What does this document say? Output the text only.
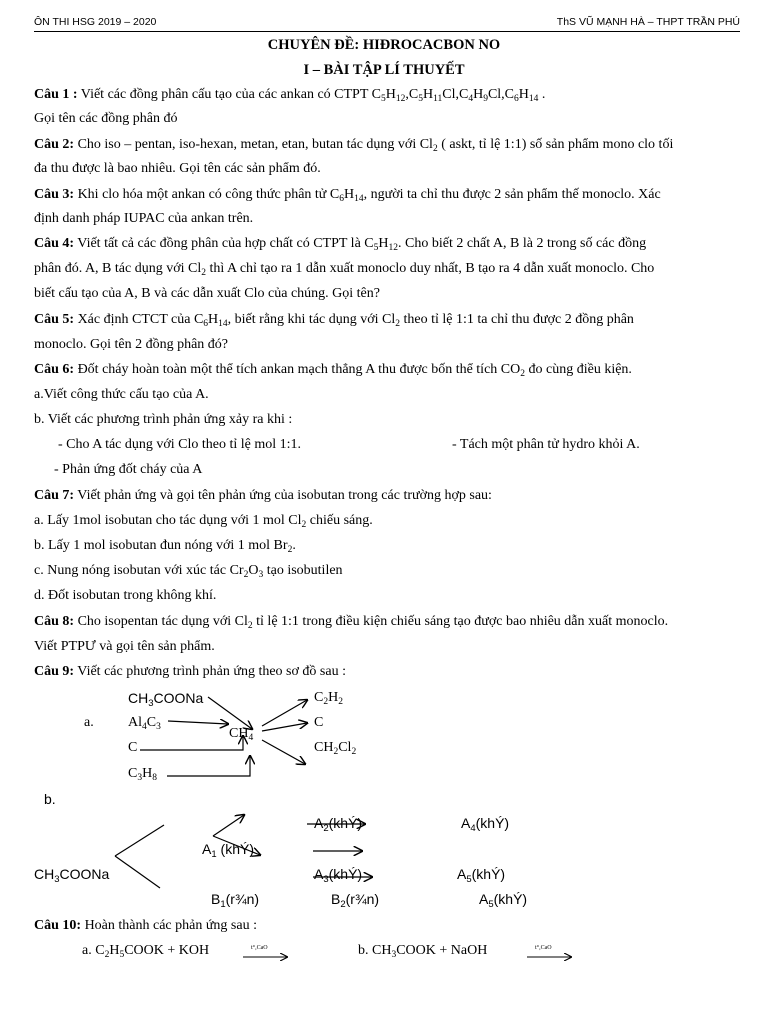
ÔN THI HSG 2019 – 2020	ThS VŨ MẠNH HÀ – THPT TRẦN PHÚ
CHUYÊN ĐỀ: HIĐROCACBON NO
I – BÀI TẬP LÍ THUYẾT
Câu 1 : Viết các đồng phân cấu tạo của các ankan có CTPT $C_5H_{12},C_5H_{11}Cl,C_4H_9Cl,C_6H_{14}$ .
Gọi tên các đồng phân đó
Câu 2: Cho iso – pentan, iso-hexan, metan, etan, butan tác dụng với $Cl_2$ ( askt, tỉ lệ 1:1) số sản phẩm mono clo tối
đa thu được là bao nhiêu. Gọi tên các sản phẩm đó.
Câu 3: Khi clo hóa một ankan có công thức phân tử $C_6H_{14}$, người ta chỉ thu được 2 sản phẩm thế monoclo. Xác
định danh pháp IUPAC của ankan trên.
Câu 4: Viết tất cả các đồng phân của hợp chất có CTPT là $C_5H_{12}$. Cho biết 2 chất A, B là 2 trong số các đồng
phân đó. A, B tác dụng với $Cl_2$ thì A chỉ tạo ra 1 dẫn xuất monoclo duy nhất, B tạo ra 4 dẫn xuất monoclo. Cho
biết cấu tạo của A, B và các dẫn xuất Clo của chúng. Gọi tên?
Câu 5: Xác định CTCT của $C_6H_{14}$, biết rằng khi tác dụng với $Cl_2$ theo tỉ lệ 1:1 ta chỉ thu được 2 đồng phân
monoclo. Gọi tên 2 đồng phân đó?
Câu 6: Đốt cháy hoàn toàn một thể tích ankan mạch thẳng A thu được bốn thể tích $CO_2$ đo cùng điều kiện.
a.Viết công thức cấu tạo của A.
b. Viết các phương trình phản ứng xảy ra khi :
- Cho A tác dụng với Clo theo tỉ lệ mol 1:1.	- Tách một phân tử hydro khỏi A.
- Phản ứng đốt cháy của A
Câu 7: Viết phản ứng và gọi tên phản ứng của isobutan trong các trường hợp sau:
a. Lấy 1mol isobutan cho tác dụng với 1 mol $Cl_2$ chiếu sáng.
b. Lấy 1 mol isobutan đun nóng với 1 mol $Br_2$.
c. Nung nóng isobutan với xúc tác $Cr_2O_3$ tạo isobutilen
d. Đốt isobutan trong không khí.
Câu 8: Cho isopentan tác dụng với $Cl_2$ tỉ lệ 1:1 trong điều kiện chiếu sáng tạo được bao nhiêu dẫn xuất monoclo.
Viết PTPƯ và gọi tên sản phẩm.
Câu 9: Viết các phương trình phản ứng theo sơ đồ sau :
$CH_3COONa$
a. $Al_4C_3$
C
$C_3H_8$
$CH_4$
$C_2H_2$
C
$CH_2Cl_2$
b.
$CH_3COONa$
$A_1$ (khÝ)
$A_2(khÝ)$
$A_3(khÝ)$
$A_4(khÝ)$
$A_5(khÝ)$
$B_1(r\frac{3}{4}n)$	$B_2(r\frac{3}{4}n)$	$A_5(khÝ)$
Câu 10: Hoàn thành các phản ứng sau :
a. $C_2H_5COOK$ + KOH	b. $CH_3COOK$ + NaOH
t°,CaO	t°,CaO
